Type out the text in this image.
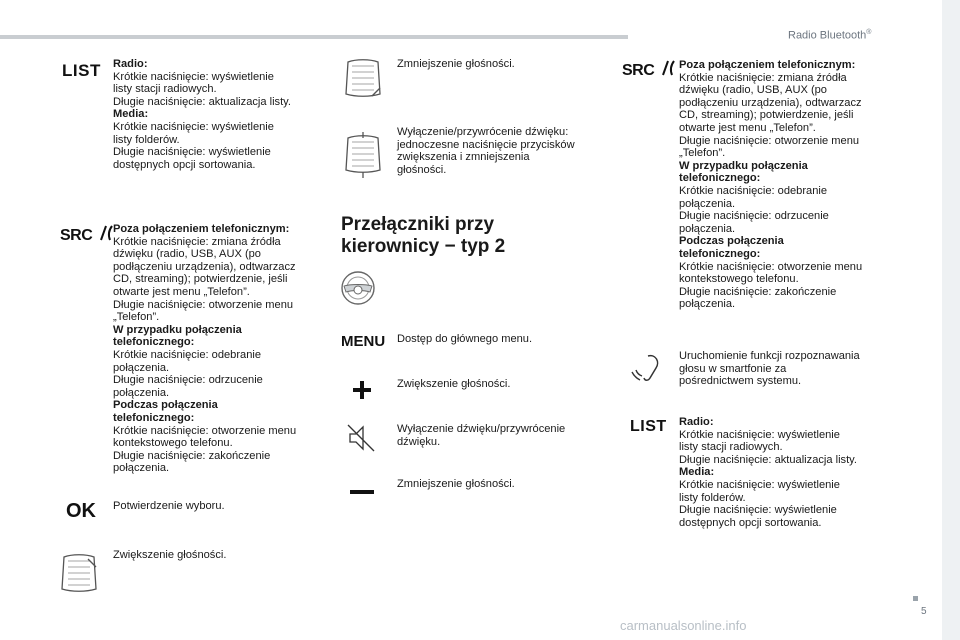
Radio Bluetooth®
LIST Radio:
Krótkie naciśnięcie: wyświetlenie
listy stacji radiowych.
Długie naciśnięcie: aktualizacja listy.
Media:
Krótkie naciśnięcie: wyświetlenie
listy folderów.
Długie naciśnięcie: wyświetlenie
dostępnych opcji sortowania.
SRC	Poza połączeniem telefonicznym:
Krótkie naciśnięcie: zmiana źródła
dźwięku (radio, USB, AUX (po
podłączeniu urządzenia), odtwarzacz
CD, streaming); potwierdzenie, jeśli
otwarte jest menu „Telefon”.
Długie naciśnięcie: otworzenie menu
„Telefon”.
W przypadku połączenia
telefonicznego:
Krótkie naciśnięcie: odebranie
połączenia.
Długie naciśnięcie: odrzucenie
połączenia.
Podczas połączenia
telefonicznego:
Krótkie naciśnięcie: otworzenie menu
kontekstowego telefonu.
Długie naciśnięcie: zakończenie
połączenia.
OK Potwierdzenie wyboru.
Zwiększenie głośności.
Zmniejszenie głośności.
Wyłączenie/przywrócenie dźwięku:
jednoczesne naciśnięcie przycisków
zwiększenia i zmniejszenia
głośności.
Przełączniki przy
kierownicy − typ 2
MENU Dostęp do głównego menu.
Zwiększenie głośności.
Wyłączenie dźwięku/przywrócenie
dźwięku.
Zmniejszenie głośności.
SRC	Poza połączeniem telefonicznym:
Krótkie naciśnięcie: zmiana źródła
dźwięku (radio, USB, AUX (po
podłączeniu urządzenia), odtwarzacz
CD, streaming); potwierdzenie, jeśli
otwarte jest menu „Telefon”.
Długie naciśnięcie: otworzenie menu
„Telefon”.
W przypadku połączenia
telefonicznego:
Krótkie naciśnięcie: odebranie
połączenia.
Długie naciśnięcie: odrzucenie
połączenia.
Podczas połączenia
telefonicznego:
Krótkie naciśnięcie: otworzenie menu
kontekstowego telefonu.
Długie naciśnięcie: zakończenie
połączenia.
Uruchomienie funkcji rozpoznawania
głosu w smartfonie za
pośrednictwem systemu.
LIST Radio:
Krótkie naciśnięcie: wyświetlenie
listy stacji radiowych.
Długie naciśnięcie: aktualizacja listy.
Media:
Krótkie naciśnięcie: wyświetlenie
listy folderów.
Długie naciśnięcie: wyświetlenie
dostępnych opcji sortowania.
5
carmanualsonline.info
